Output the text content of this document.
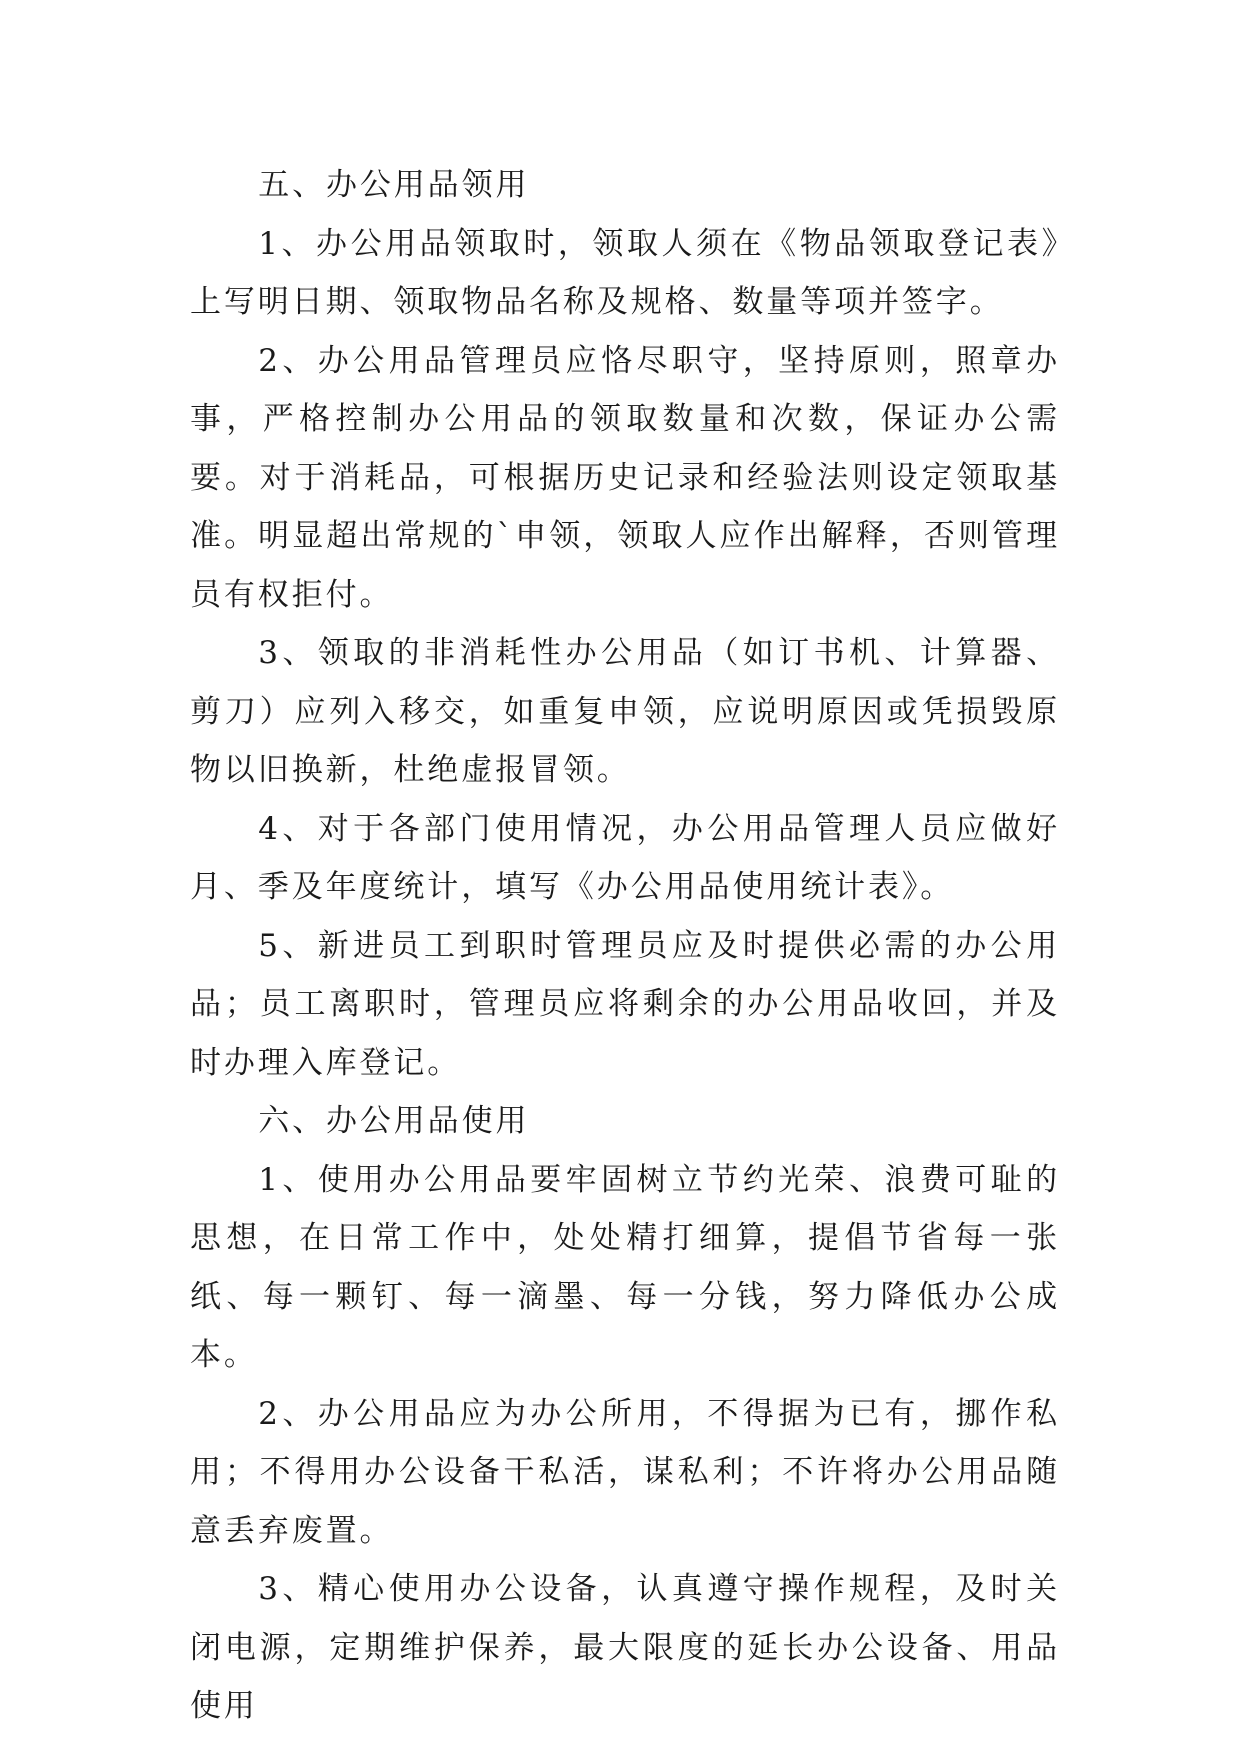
五、办公用品领用

1、办公用品领取时，领取人须在《物品领取登记表》上写明日期、领取物品名称及规格、数量等项并签字。

2、办公用品管理员应恪尽职守，坚持原则，照章办事，严格控制办公用品的领取数量和次数，保证办公需要。对于消耗品，可根据历史记录和经验法则设定领取基准。明显超出常规的`申领，领取人应作出解释，否则管理员有权拒付。

3、领取的非消耗性办公用品（如订书机、计算器、剪刀）应列入移交，如重复申领，应说明原因或凭损毁原物以旧换新，杜绝虚报冒领。

4、对于各部门使用情况，办公用品管理人员应做好月、季及年度统计，填写《办公用品使用统计表》。

5、新进员工到职时管理员应及时提供必需的办公用品；员工离职时，管理员应将剩余的办公用品收回，并及时办理入库登记。

六、办公用品使用

1、使用办公用品要牢固树立节约光荣、浪费可耻的思想，在日常工作中，处处精打细算，提倡节省每一张纸、每一颗钉、每一滴墨、每一分钱，努力降低办公成本。

2、办公用品应为办公所用，不得据为已有，挪作私用；不得用办公设备干私活，谋私利；不许将办公用品随意丢弃废置。

3、精心使用办公设备，认真遵守操作规程，及时关闭电源，定期维护保养，最大限度的延长办公设备、用品使用
